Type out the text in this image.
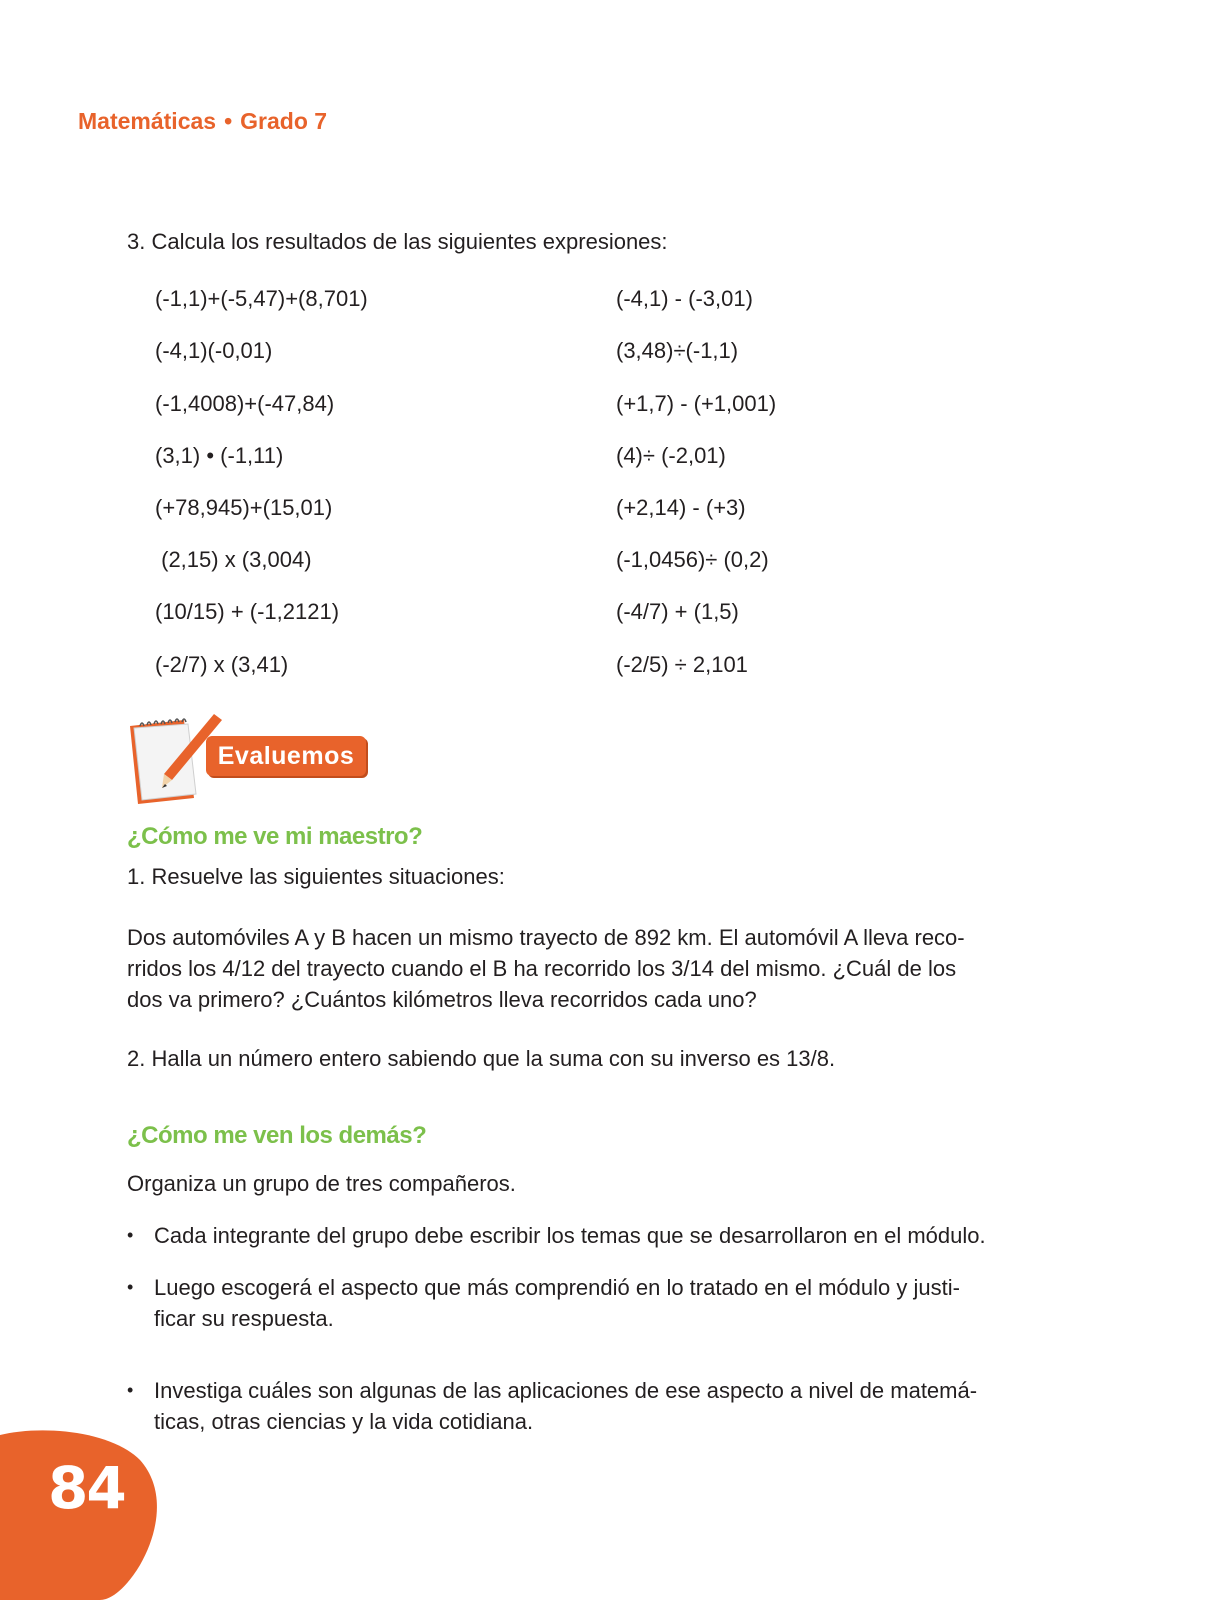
Matemáticas • Grado 7
3. Calcula los resultados de las siguientes expresiones:
(-1,1)+(-5,47)+(8,701)
(-4,1)(-0,01)
(-1,4008)+(-47,84)
(3,1) • (-1,11)
(+78,945)+(15,01)
(2,15) x (3,004)
(10/15) + (-1,2121)
(-2/7) x (3,41)
(-4,1) - (-3,01)
(3,48)÷(-1,1)
(+1,7) - (+1,001)
(4)÷ (-2,01)
(+2,14) - (+3)
(-1,0456)÷ (0,2)
(-4/7) + (1,5)
(-2/5) ÷ 2,101
Evaluemos
¿Cómo me ve mi maestro?
1. Resuelve las siguientes situaciones:
Dos automóviles A y B hacen un mismo trayecto de 892 km. El automóvil A lleva reco-
rridos los 4/12 del trayecto cuando el B ha recorrido los 3/14 del mismo. ¿Cuál de los
dos va primero? ¿Cuántos kilómetros lleva recorridos cada uno?
2. Halla un número entero sabiendo que la suma con su inverso es 13/8.
¿Cómo me ven los demás?
Organiza un grupo de tres compañeros.
• Cada integrante del grupo debe escribir los temas que se desarrollaron en el módulo.
• Luego escogerá el aspecto que más comprendió en lo tratado en el módulo y justi-
ficar su respuesta.
• Investiga cuáles son algunas de las aplicaciones de ese aspecto a nivel de matemá-
ticas, otras ciencias y la vida cotidiana.
84
